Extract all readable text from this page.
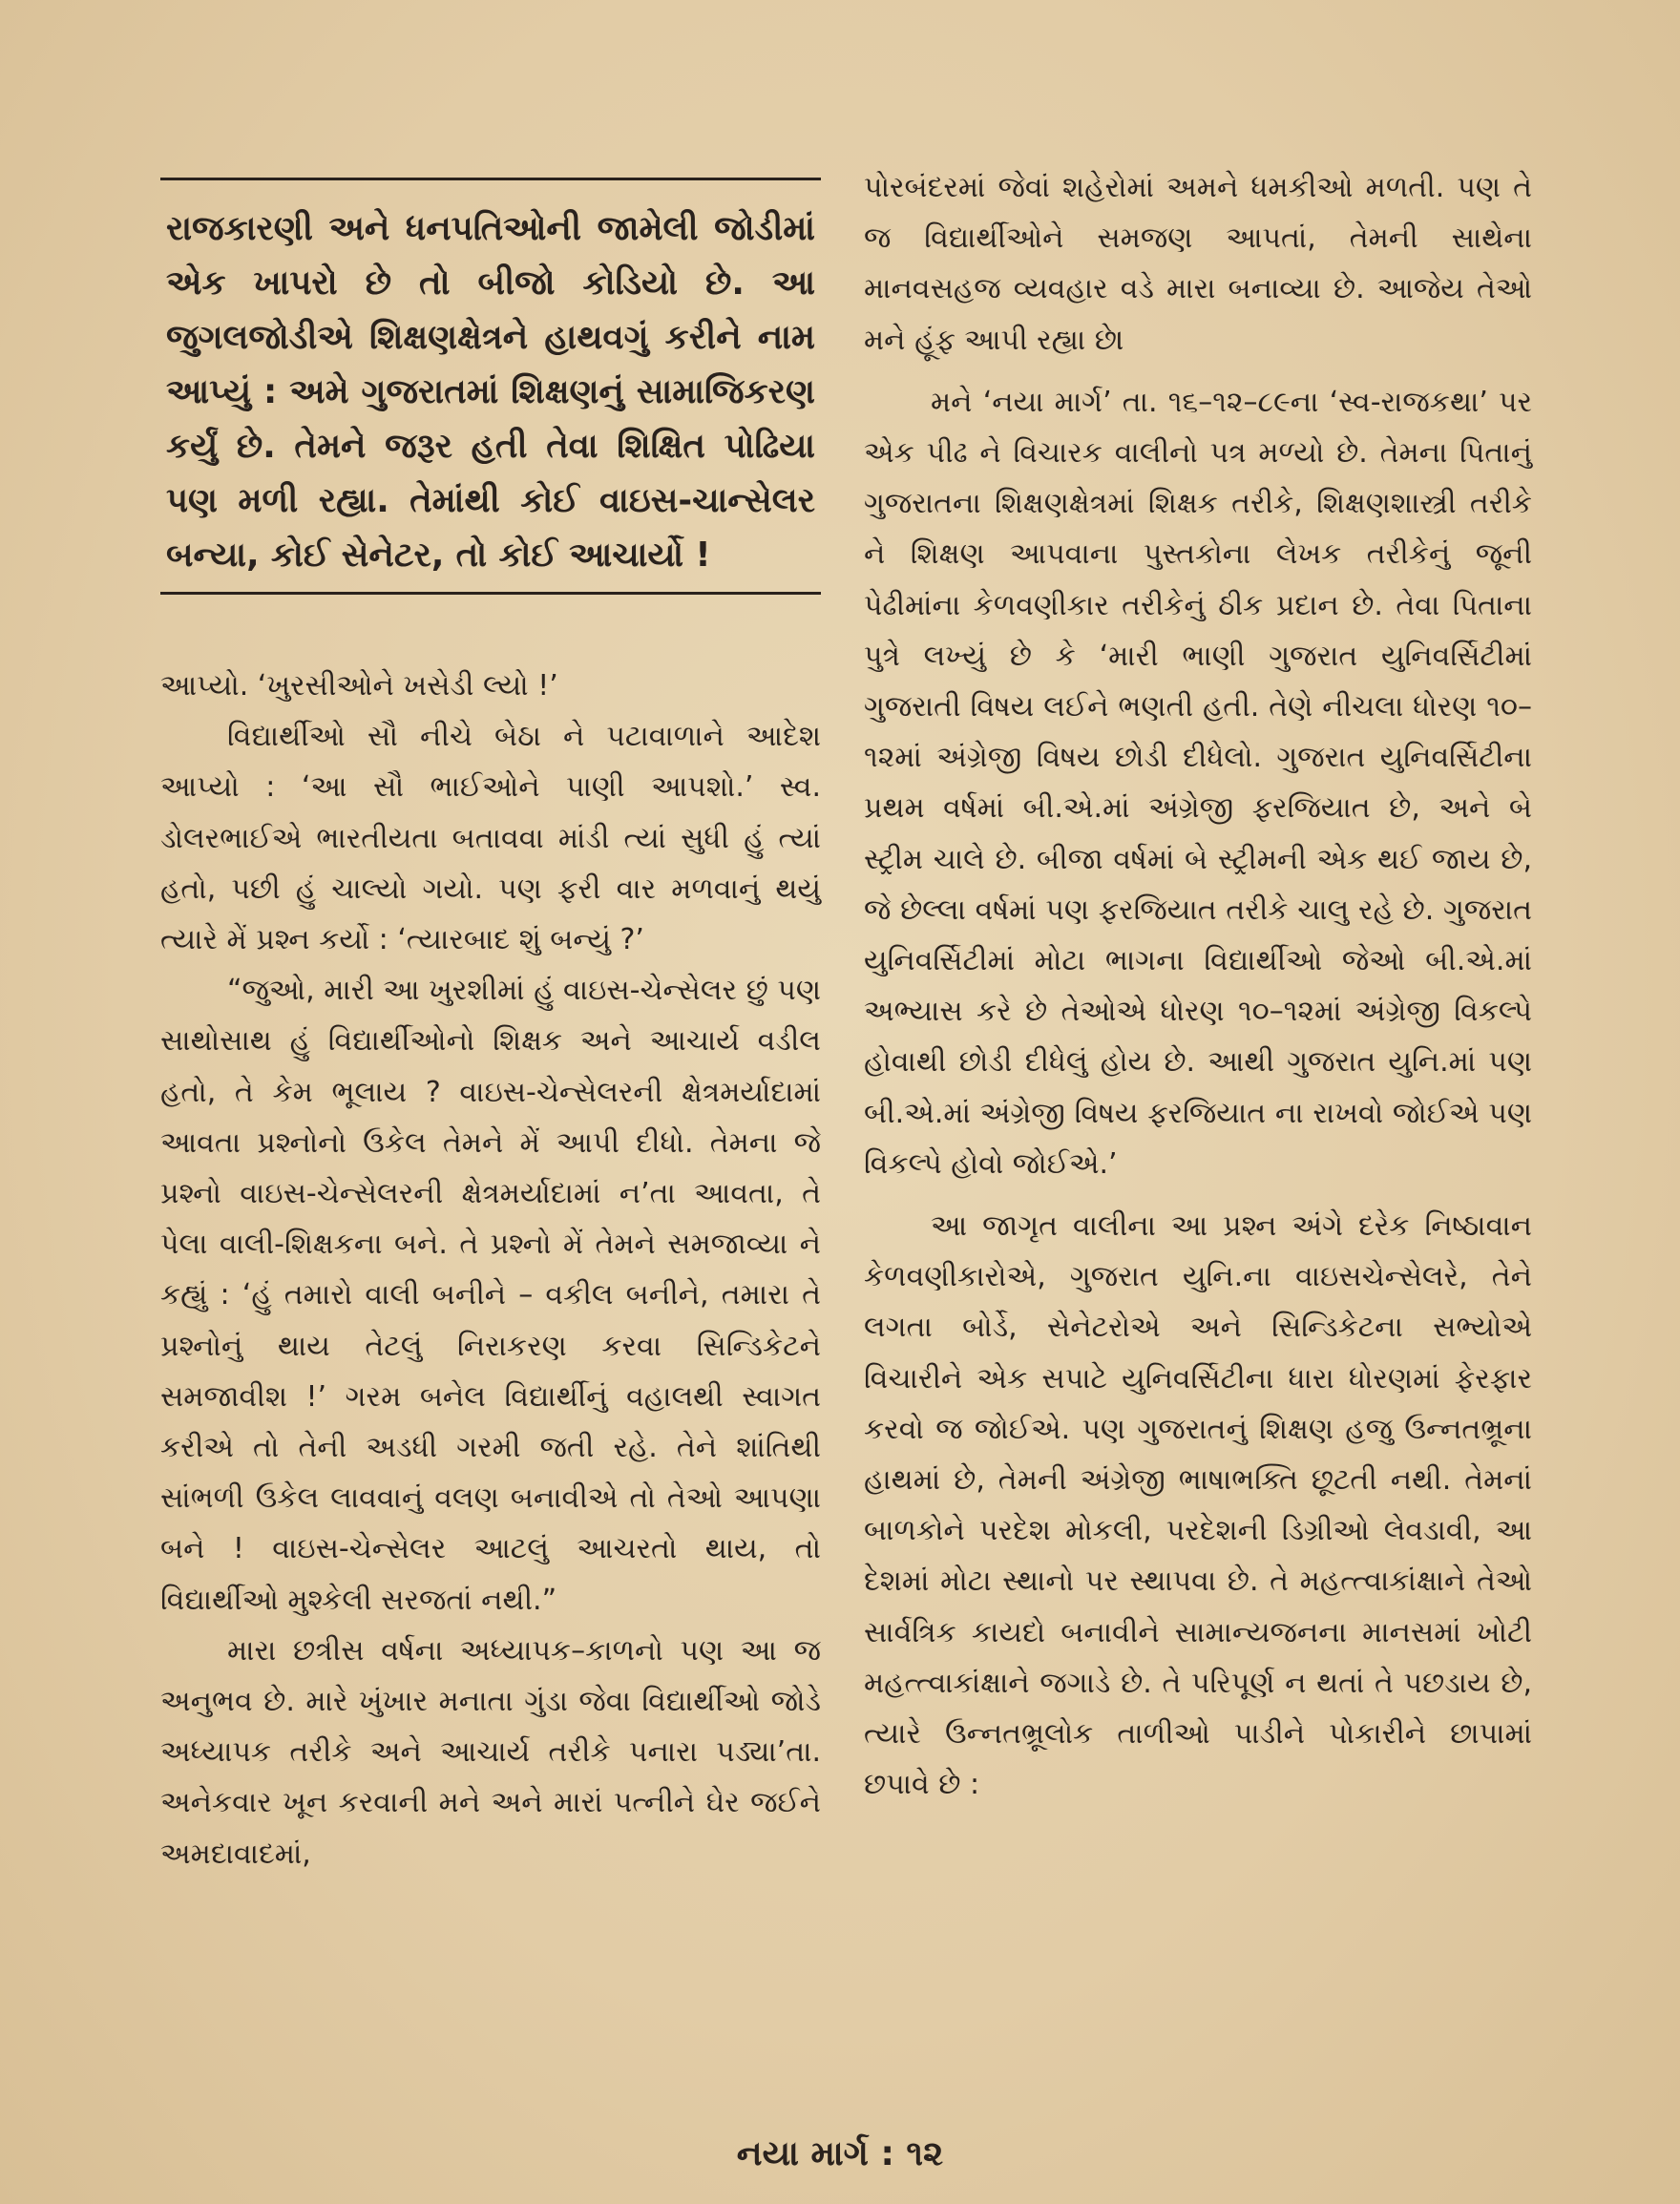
રાજકારણી અને ધનપતિઓની જામેલી જોડીમાં એક ખાપરો છે તો બીજો કોડિયો છે. આ જુગલજોડીએ શિક્ષણક્ષેત્રને હાથવગું કરીને નામ આપ્યું : અમે ગુજરાતમાં શિક્ષણનું સામાજિકરણ કર્યું છે. તેમને જરૂર હતી તેવા શિક્ષિત પોઢિયા પણ મળી રહ્યા. તેમાંથી કોઈ વાઇસ-ચાન્સેલર બન્યા, કોઈ સેનેટર, તો કોઈ આચાર્યો !

આપ્યો. ‘ખુરસીઓને ખસેડી લ્યો !’

વિદ્યાર્થીઓ સૌ નીચે બેઠા ને પટાવાળાને આદેશ આપ્યો : ‘આ સૌ ભાઈઓને પાણી આપશો.’ સ્વ. ડોલરભાઈએ ભારતીયતા બતાવવા માંડી ત્યાં સુધી હું ત્યાં હતો, પછી હું ચાલ્યો ગયો. પણ ફરી વાર મળવાનું થયું ત્યારે મેં પ્રશ્ન કર્યો : ‘ત્યારબાદ શું બન્યું ?’

“જુઓ, મારી આ ખુરશીમાં હું વાઇસ-ચેન્સેલર છું પણ સાથોસાથ હું વિદ્યાર્થીઓનો શિક્ષક અને આચાર્ય વડીલ હતો, તે કેમ ભૂલાય ? વાઇસ-ચેન્સેલરની ક્ષેત્રમર્યાદામાં આવતા પ્રશ્નોનો ઉકેલ તેમને મેં આપી દીધો. તેમના જે પ્રશ્નો વાઇસ-ચેન્સેલરની ક્ષેત્રમર્યાદામાં ન’તા આવતા, તે પેલા વાલી-શિક્ષકના બને. તે પ્રશ્નો મેં તેમને સમજાવ્યા ને કહ્યું : ‘હું તમારો વાલી બનીને – વકીલ બનીને, તમારા તે પ્રશ્નોનું થાય તેટલું નિરાકરણ કરવા સિન્ડિકેટને સમજાવીશ !’ ગરમ બનેલ વિદ્યાર્થીનું વહાલથી સ્વાગત કરીએ તો તેની અડધી ગરમી જતી રહે. તેને શાંતિથી સાંભળી ઉકેલ લાવવાનું વલણ બનાવીએ તો તેઓ આપણા બને ! વાઇસ-ચેન્સેલર આટલું આચરતો થાય, તો વિદ્યાર્થીઓ મુશ્કેલી સરજતાં નથી.”

મારા છત્રીસ વર્ષના અધ્યાપક–કાળનો પણ આ જ અનુભવ છે. મારે ખુંખાર મનાતા ગુંડા જેવા વિદ્યાર્થીઓ જોડે અધ્યાપક તરીકે અને આચાર્ય તરીકે પનારા પડ્યા’તા. અનેકવાર ખૂન કરવાની મને અને મારાં પત્નીને ઘેર જઈને અમદાવાદમાં,

પોરબંદરમાં જેવાં શહેરોમાં અમને ધમકીઓ મળતી. પણ તે જ વિદ્યાર્થીઓને સમજણ આપતાં, તેમની સાથેના માનવસહજ વ્યવહાર વડે મારા બનાવ્યા છે. આજેય તેઓ મને હૂંફ આપી રહ્યા છે।

મને ‘નયા માર્ગ’ તા. ૧૬–૧૨–૮૯ના ‘સ્વ-રાજકથા’ પર એક પીઢ ને વિચારક વાલીનો પત્ર મળ્યો છે. તેમના પિતાનું ગુજરાતના શિક્ષણક્ષેત્રમાં શિક્ષક તરીકે, શિક્ષણશાસ્ત્રી તરીકે ને શિક્ષણ આપવાના પુસ્તકોના લેખક તરીકેનું જૂની પેઢીમાંના કેળવણીકાર તરીકેનું ઠીક પ્રદાન છે. તેવા પિતાના પુત્રે લખ્યું છે કે ‘મારી ભાણી ગુજરાત યુનિવર્સિટીમાં ગુજરાતી વિષય લઈને ભણતી હતી. તેણે નીચલા ધોરણ ૧૦–૧૨માં અંગ્રેજી વિષય છોડી દીધેલો. ગુજરાત યુનિવર્સિટીના પ્રથમ વર્ષમાં બી.એ.માં અંગ્રેજી ફરજિયાત છે, અને બે સ્ટ્રીમ ચાલે છે. બીજા વર્ષમાં બે સ્ટ્રીમની એક થઈ જાય છે, જે છેલ્લા વર્ષમાં પણ ફરજિયાત તરીકે ચાલુ રહે છે. ગુજરાત યુનિવર્સિટીમાં મોટા ભાગના વિદ્યાર્થીઓ જેઓ બી.એ.માં અભ્યાસ કરે છે તેઓએ ધોરણ ૧૦–૧૨માં અંગ્રેજી વિકલ્પે હોવાથી છોડી દીધેલું હોય છે. આથી ગુજરાત યુનિ.માં પણ બી.એ.માં અંગ્રેજી વિષય ફરજિયાત ના રાખવો જોઈએ પણ વિકલ્પે હોવો જોઈએ.’

આ જાગૃત વાલીના આ પ્રશ્ન અંગે દરેક નિષ્ઠાવાન કેળવણીકારોએ, ગુજરાત યુનિ.ના વાઇસચેન્સેલરે, તેને લગતા બોર્ડે, સેનેટરોએ અને સિન્ડિકેટના સભ્યોએ વિચારીને એક સપાટે યુનિવર્સિટીના ધારા ધોરણમાં ફેરફાર કરવો જ જોઈએ. પણ ગુજરાતનું શિક્ષણ હજુ ઉન્નતભ્રૂના હાથમાં છે, તેમની અંગ્રેજી ભાષાભક્તિ છૂટતી નથી. તેમનાં બાળકોને પરદેશ મોકલી, પરદેશની ડિગ્રીઓ લેવડાવી, આ દેશમાં મોટા સ્થાનો પર સ્થાપવા છે. તે મહત્ત્વાકાંક્ષાને તેઓ સાર્વત્રિક કાયદો બનાવીને સામાન્યજનના માનસમાં ખોટી મહત્ત્વાકાંક્ષાને જગાડે છે. તે પરિપૂર્ણ ન થતાં તે પછડાય છે, ત્યારે ઉન્નતભ્રૂલોક તાળીઓ પાડીને પોકારીને છાપામાં છપાવે છે :

નયા માર્ગ : ૧૨
